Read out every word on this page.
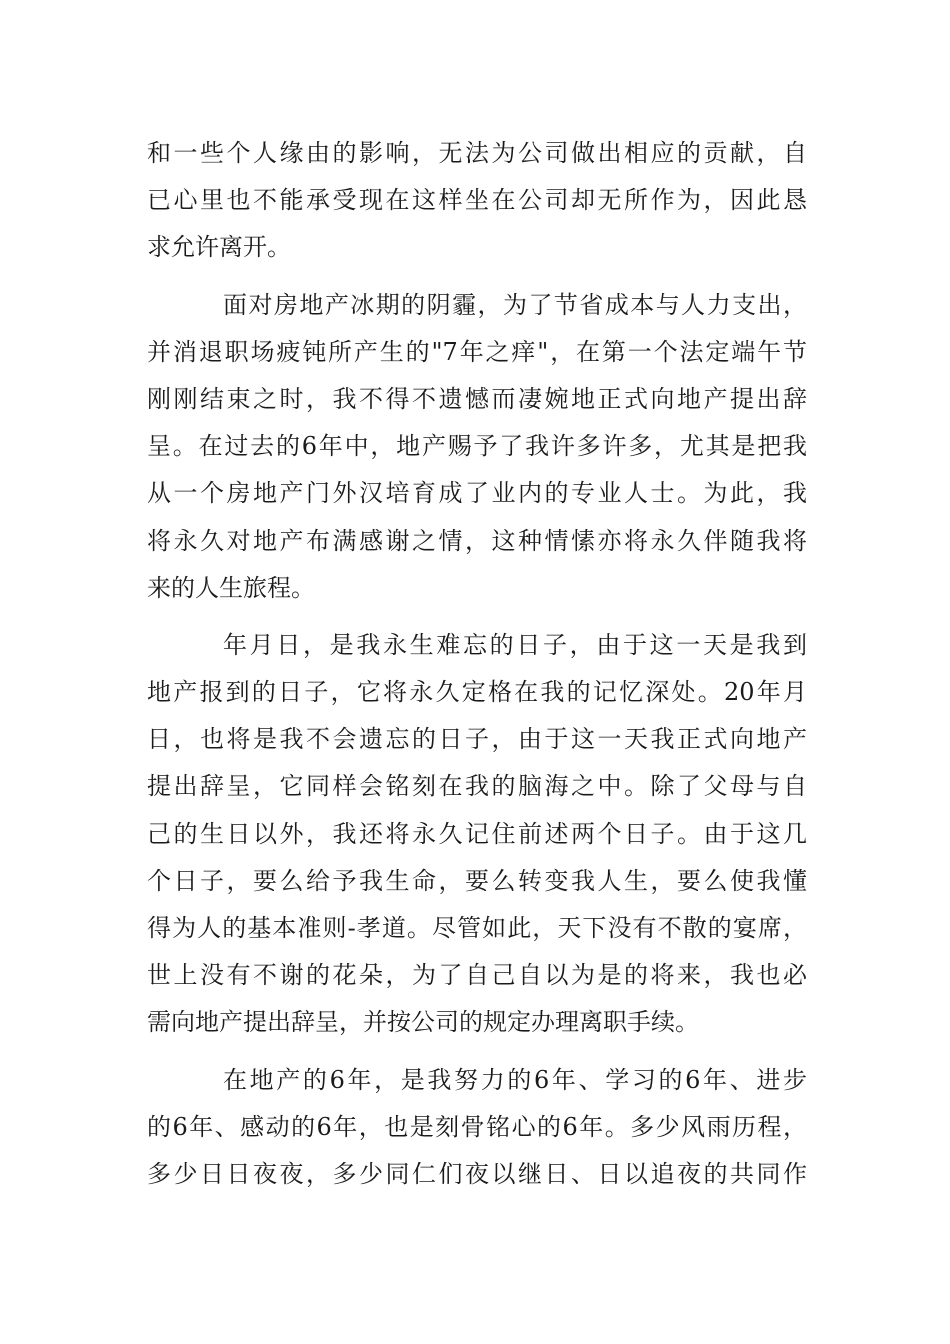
和一些个人缘由的影响，无法为公司做出相应的贡献，自
已心里也不能承受现在这样坐在公司却无所作为，因此恳
求允许离开。

面对房地产冰期的阴霾，为了节省成本与人力支出，
并消退职场疲钝所产生的"7年之痒"，在第一个法定端午节
刚刚结束之时，我不得不遗憾而凄婉地正式向地产提出辞
呈。在过去的6年中，地产赐予了我许多许多，尤其是把我
从一个房地产门外汉培育成了业内的专业人士。为此，我
将永久对地产布满感谢之情，这种情愫亦将永久伴随我将
来的人生旅程。

年月日，是我永生难忘的日子，由于这一天是我到
地产报到的日子，它将永久定格在我的记忆深处。20年月
日，也将是我不会遗忘的日子，由于这一天我正式向地产
提出辞呈，它同样会铭刻在我的脑海之中。除了父母与自
己的生日以外，我还将永久记住前述两个日子。由于这几
个日子，要么给予我生命，要么转变我人生，要么使我懂
得为人的基本准则-孝道。尽管如此，天下没有不散的宴席，
世上没有不谢的花朵，为了自己自以为是的将来，我也必
需向地产提出辞呈，并按公司的规定办理离职手续。

在地产的6年，是我努力的6年、学习的6年、进步
的6年、感动的6年，也是刻骨铭心的6年。多少风雨历程，
多少日日夜夜，多少同仁们夜以继日、日以追夜的共同作
